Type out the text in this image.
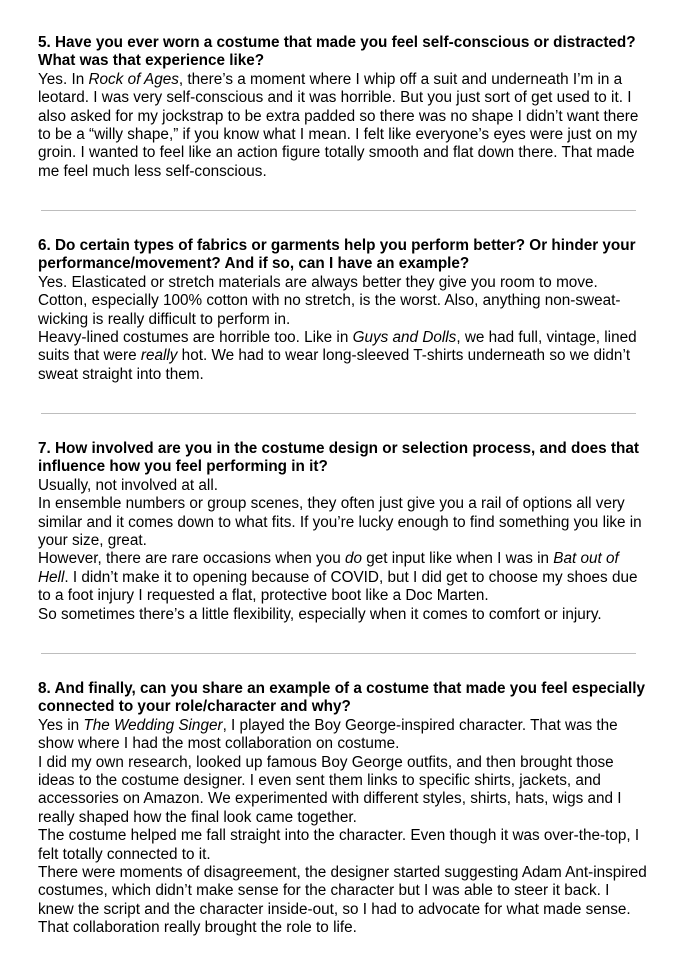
5. Have you ever worn a costume that made you feel self-conscious or distracted? What was that experience like?

Yes. In Rock of Ages, there’s a moment where I whip off a suit and underneath I’m in a leotard. I was very self-conscious and it was horrible. But you just sort of get used to it. I also asked for my jockstrap to be extra padded so there was no shape I didn’t want there to be a “willy shape,” if you know what I mean. I felt like everyone’s eyes were just on my groin. I wanted to feel like an action figure totally smooth and flat down there. That made me feel much less self-conscious.

6. Do certain types of fabrics or garments help you perform better? Or hinder your performance/movement? And if so, can I have an example?

Yes. Elasticated or stretch materials are always better they give you room to move. Cotton, especially 100% cotton with no stretch, is the worst. Also, anything non-sweat-wicking is really difficult to perform in.

Heavy-lined costumes are horrible too. Like in Guys and Dolls, we had full, vintage, lined suits that were really hot. We had to wear long-sleeved T-shirts underneath so we didn’t sweat straight into them.

7. How involved are you in the costume design or selection process, and does that influence how you feel performing in it?

Usually, not involved at all.

In ensemble numbers or group scenes, they often just give you a rail of options all very similar and it comes down to what fits. If you’re lucky enough to find something you like in your size, great.

However, there are rare occasions when you do get input like when I was in Bat out of Hell. I didn’t make it to opening because of COVID, but I did get to choose my shoes due to a foot injury I requested a flat, protective boot like a Doc Marten.

So sometimes there’s a little flexibility, especially when it comes to comfort or injury.

8. And finally, can you share an example of a costume that made you feel especially connected to your role/character and why?

Yes in The Wedding Singer, I played the Boy George-inspired character. That was the show where I had the most collaboration on costume.

I did my own research, looked up famous Boy George outfits, and then brought those ideas to the costume designer. I even sent them links to specific shirts, jackets, and accessories on Amazon. We experimented with different styles, shirts, hats, wigs and I really shaped how the final look came together.

The costume helped me fall straight into the character. Even though it was over-the-top, I felt totally connected to it.

There were moments of disagreement, the designer started suggesting Adam Ant-inspired costumes, which didn’t make sense for the character but I was able to steer it back. I knew the script and the character inside-out, so I had to advocate for what made sense. That collaboration really brought the role to life.
